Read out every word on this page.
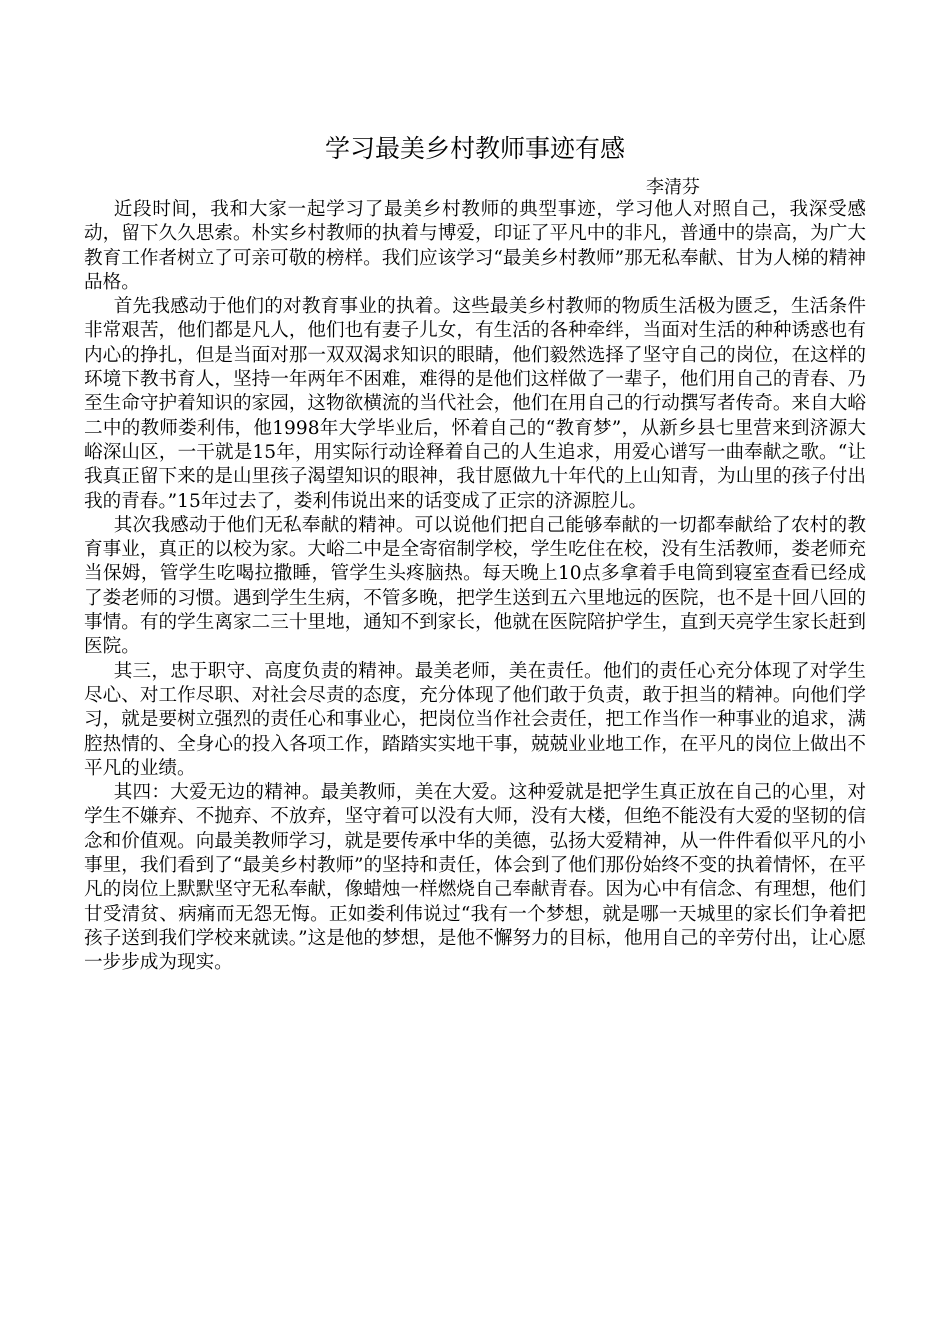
学习最美乡村教师事迹有感
李清芬

近段时间，我和大家一起学习了最美乡村教师的典型事迹，学习他人对照自己，我深受感动，留下久久思索。朴实乡村教师的执着与博爱，印证了平凡中的非凡，普通中的崇高，为广大教育工作者树立了可亲可敬的榜样。我们应该学习“最美乡村教师”那无私奉献、甘为人梯的精神品格。

首先我感动于他们的对教育事业的执着。这些最美乡村教师的物质生活极为匮乏，生活条件非常艰苦，他们都是凡人，他们也有妻子儿女，有生活的各种牵绊，当面对生活的种种诱惑也有内心的挣扎，但是当面对那一双双渴求知识的眼睛，他们毅然选择了坚守自己的岗位，在这样的环境下教书育人，坚持一年两年不困难，难得的是他们这样做了一辈子，他们用自己的青春、乃至生命守护着知识的家园，这物欲横流的当代社会，他们在用自己的行动撰写者传奇。来自大峪二中的教师娄利伟，他1998年大学毕业后，怀着自己的“教育梦”，从新乡县七里营来到济源大峪深山区，一干就是15年，用实际行动诠释着自己的人生追求，用爱心谱写一曲奉献之歌。“让我真正留下来的是山里孩子渴望知识的眼神，我甘愿做九十年代的上山知青，为山里的孩子付出我的青春。”15年过去了，娄利伟说出来的话变成了正宗的济源腔儿。

其次我感动于他们无私奉献的精神。可以说他们把自己能够奉献的一切都奉献给了农村的教育事业，真正的以校为家。大峪二中是全寄宿制学校，学生吃住在校，没有生活教师，娄老师充当保姆，管学生吃喝拉撒睡，管学生头疼脑热。每天晚上10点多拿着手电筒到寝室查看已经成了娄老师的习惯。遇到学生生病，不管多晚，把学生送到五六里地远的医院，也不是十回八回的事情。有的学生离家二三十里地，通知不到家长，他就在医院陪护学生，直到天亮学生家长赶到医院。

其三，忠于职守、高度负责的精神。最美老师，美在责任。他们的责任心充分体现了对学生尽心、对工作尽职、对社会尽责的态度，充分体现了他们敢于负责，敢于担当的精神。向他们学习，就是要树立强烈的责任心和事业心，把岗位当作社会责任，把工作当作一种事业的追求，满腔热情的、全身心的投入各项工作，踏踏实实地干事，兢兢业业地工作，在平凡的岗位上做出不平凡的业绩。

其四：大爱无边的精神。最美教师，美在大爱。这种爱就是把学生真正放在自己的心里，对学生不嫌弃、不抛弃、不放弃，坚守着可以没有大师，没有大楼，但绝不能没有大爱的坚韧的信念和价值观。向最美教师学习，就是要传承中华的美德，弘扬大爱精神，从一件件看似平凡的小事里，我们看到了“最美乡村教师”的坚持和责任，体会到了他们那份始终不变的执着情怀，在平凡的岗位上默默坚守无私奉献，像蜡烛一样燃烧自己奉献青春。因为心中有信念、有理想，他们甘受清贫、病痛而无怨无悔。正如娄利伟说过“我有一个梦想，就是哪一天城里的家长们争着把孩子送到我们学校来就读。”这是他的梦想，是他不懈努力的目标，他用自己的辛劳付出，让心愿一步步成为现实。
